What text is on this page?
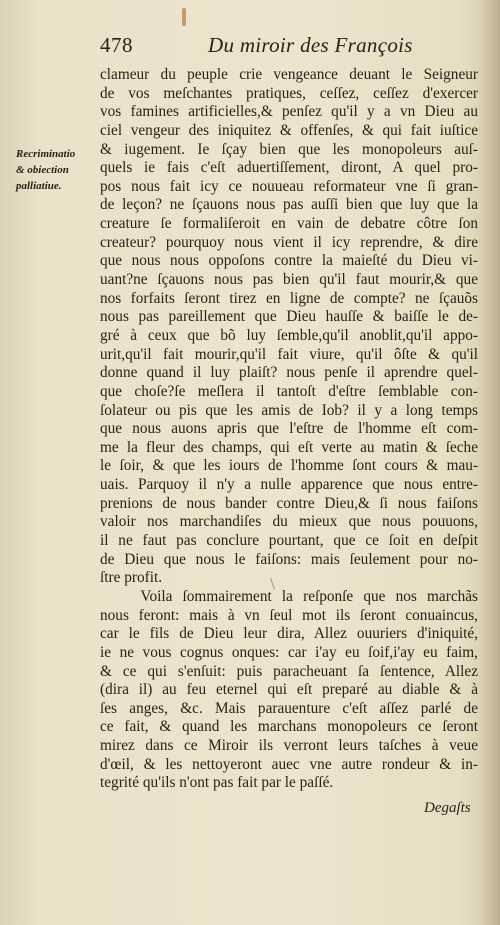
478	Du miroir des François
Recriminatio
& obiection
palliatiue.
clameur du peuple crie vengeance deuant le Seigneur
de vos meſchantes pratiques, ceſſez, ceſſez d'exercer
vos famines artificielles,& penſez qu'il y a vn Dieu au
ciel vengeur des iniquitez & offenſes, & qui fait iuſtice
& iugement. Ie ſçay bien que les monopoleurs auſ-
quels ie fais c'eſt aduertiſſement, diront, A quel pro-
pos nous fait icy ce nouueau reformateur vne ſi gran-
de leçon? ne ſçauons nous pas auſſi bien que luy que la
creature ſe formaliſeroit en vain de debatre côtre ſon
createur? pourquoy nous vient il icy reprendre, & dire
que nous nous oppoſons contre la maieſté du Dieu vi-
uant?ne ſçauons nous pas bien qu'il faut mourir,& que
nos forfaits ſeront tirez en ligne de compte? ne ſçauõs
nous pas pareillement que Dieu hauſſe & baiſſe le de-
gré à ceux que bõ luy ſemble,qu'il anoblit,qu'il appo-
urit,qu'il fait mourir,qu'il fait viure, qu'il ôſte & qu'il
donne quand il luy plaiſt? nous penſe il aprendre quel-
que choſe?ſe meſlera il tantoſt d'eſtre ſemblable con-
ſolateur ou pis que les amis de Iob? il y a long temps
que nous auons apris que l'eſtre de l'homme eſt com-
me la fleur des champs, qui eſt verte au matin & ſeche
le ſoir, & que les iours de l'homme ſont cours & mau-
uais. Parquoy il n'y a nulle apparence que nous entre-
prenions de nous bander contre Dieu,& ſi nous faiſons
valoir nos marchandiſes du mieux que nous pouuons,
il ne faut pas conclure pourtant, que ce ſoit en deſpit
de Dieu que nous le faiſons: mais ſeulement pour no-
ſtre profit.
Voila ſommairement la reſponſe que nos marchãs
nous feront: mais à vn ſeul mot ils ſeront conuaincus,
car le fils de Dieu leur dira, Allez ouuriers d'iniquité,
ie ne vous cognus onques: car i'ay eu ſoif,i'ay eu faim,
& ce qui s'enſuit: puis paracheuant ſa ſentence, Allez
(dira il) au feu eternel qui eſt preparé au diable & à
ſes anges, &c. Mais parauenture c'eſt aſſez parlé de
ce fait, & quand les marchans monopoleurs ce ſeront
mirez dans ce Miroir ils verront leurs taſches à veue
d'œil, & les nettoyeront auec vne autre rondeur & in-
tegrité qu'ils n'ont pas fait par le paſſé.
Degaſts
